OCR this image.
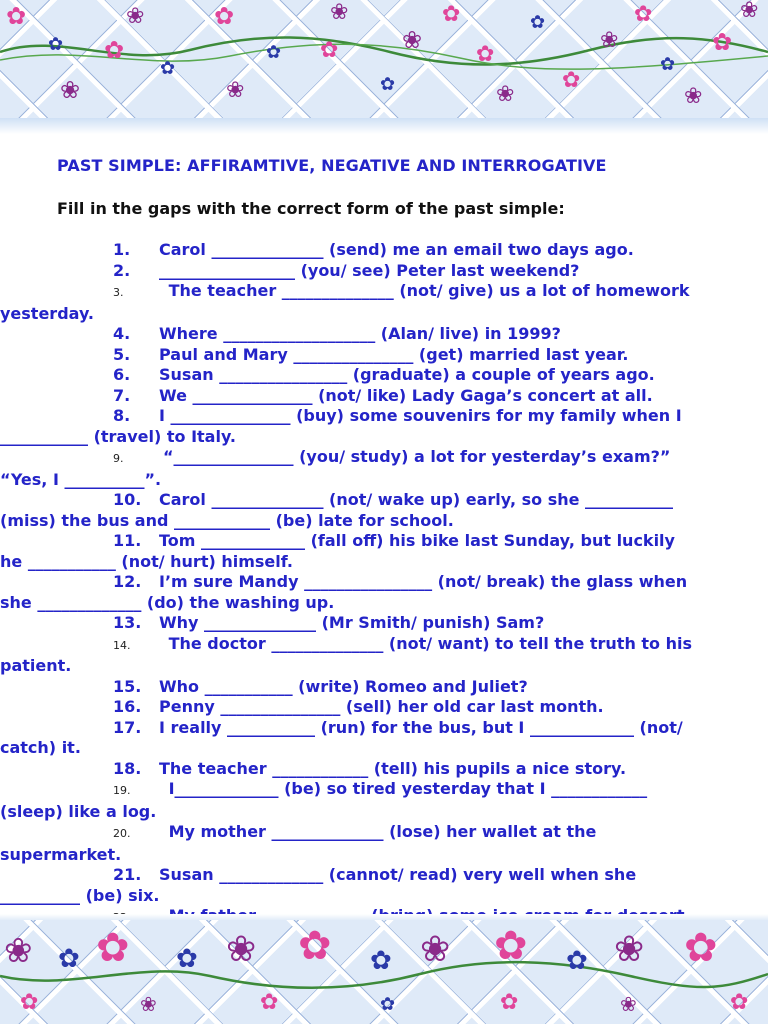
✿
✿
❀
✿
❀
✿
✿
❀
✿ ✿
❀
✿
❀
✿
✿
❀
✿
✿
❀
✿
✿
❀
✿
❀
PAST SIMPLE: AFFIRAMTIVE, NEGATIVE AND INTERROGATIVE

Fill in the gaps with the correct form of the past simple:

1. Carol ______________ (send) me an email two days ago.
2. _________________ (you/ see) Peter last weekend?
3. The teacher ______________ (not/ give) us a lot of homework
yesterday.
4. Where ___________________ (Alan/ live) in 1999?
5. Paul and Mary _______________ (get) married last year.
6. Susan ________________ (graduate) a couple of years ago.
7. We _______________ (not/ like) Lady Gaga’s concert at all.
8. I _______________ (buy) some souvenirs for my family when I
___________ (travel) to Italy.
9. “_______________ (you/ study) a lot for yesterday’s exam?”
“Yes, I __________”.
10. Carol ______________ (not/ wake up) early, so she ___________
(miss) the bus and ____________ (be) late for school.
11. Tom _____________ (fall off) his bike last Sunday, but luckily
he ___________ (not/ hurt) himself.
12. I’m sure Mandy ________________ (not/ break) the glass when
she _____________ (do) the washing up.
13. Why ______________ (Mr Smith/ punish) Sam?
14. The doctor ______________ (not/ want) to tell the truth to his
patient.
15. Who ___________ (write) Romeo and Juliet?
16. Penny _______________ (sell) her old car last month.
17. I really ___________ (run) for the bus, but I _____________ (not/
catch) it.
18. The teacher ____________ (tell) his pupils a nice story.
19. I_____________ (be) so tired yesterday that I ____________
(sleep) like a log.
20. My mother ______________ (lose) her wallet at the
supermarket.
21. Susan _____________ (cannot/ read) very well when she
__________ (be) six.
❀ ✿ ✿ ✿ ❀ ✿ ✿ ❀ ✿ ✿ ❀ ✿
✿	❀	✿	✿	✿	❀	✿
